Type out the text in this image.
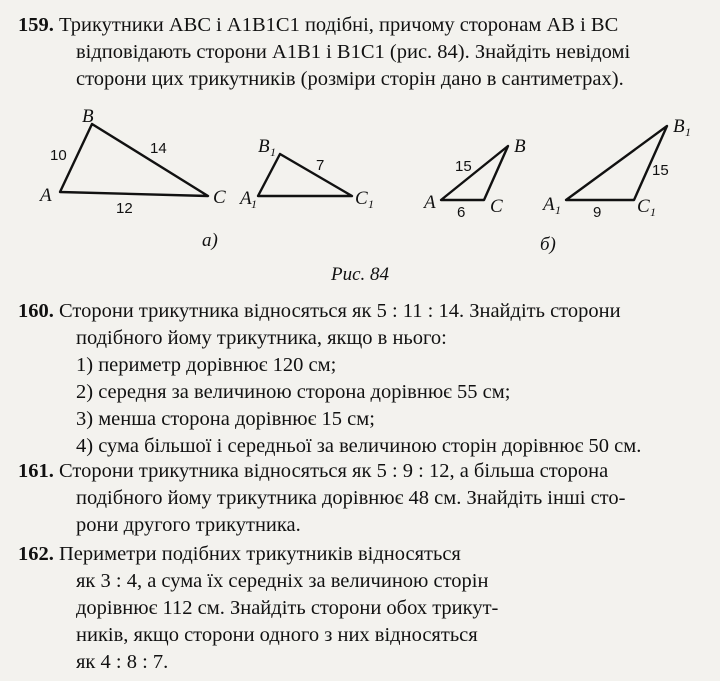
159. Трикутники ABC і A1B1C1 подібні, причому сторонам AB і BC
відповідають сторони A1B1 і B1C1 (рис. 84). Знайдіть невідомі
сторони цих трикутників (розміри сторін дано в сантиметрах).
A
B
C
10	14
12
а)
A 1
B 1
C 1
7
A
B
C
15
6
б)
A 1
B 1
C 1
15
9
Рис. 84
160. Сторони трикутника відносяться як 5 : 11 : 14. Знайдіть сторони
подібного йому трикутника, якщо в нього:
1) периметр дорівнює 120 см;
2) середня за величиною сторона дорівнює 55 см;
3) менша сторона дорівнює 15 см;
4) сума більшої і середньої за величиною сторін дорівнює 50 см.
161. Сторони трикутника відносяться як 5 : 9 : 12, а більша сторона
подібного йому трикутника дорівнює 48 см. Знайдіть інші сто-
рони другого трикутника.
162. Периметри подібних трикутників відносяться
як 3 : 4, а сума їх середніх за величиною сторін
дорівнює 112 см. Знайдіть сторони обох трикут-
ників, якщо сторони одного з них відносяться
як 4 : 8 : 7.
